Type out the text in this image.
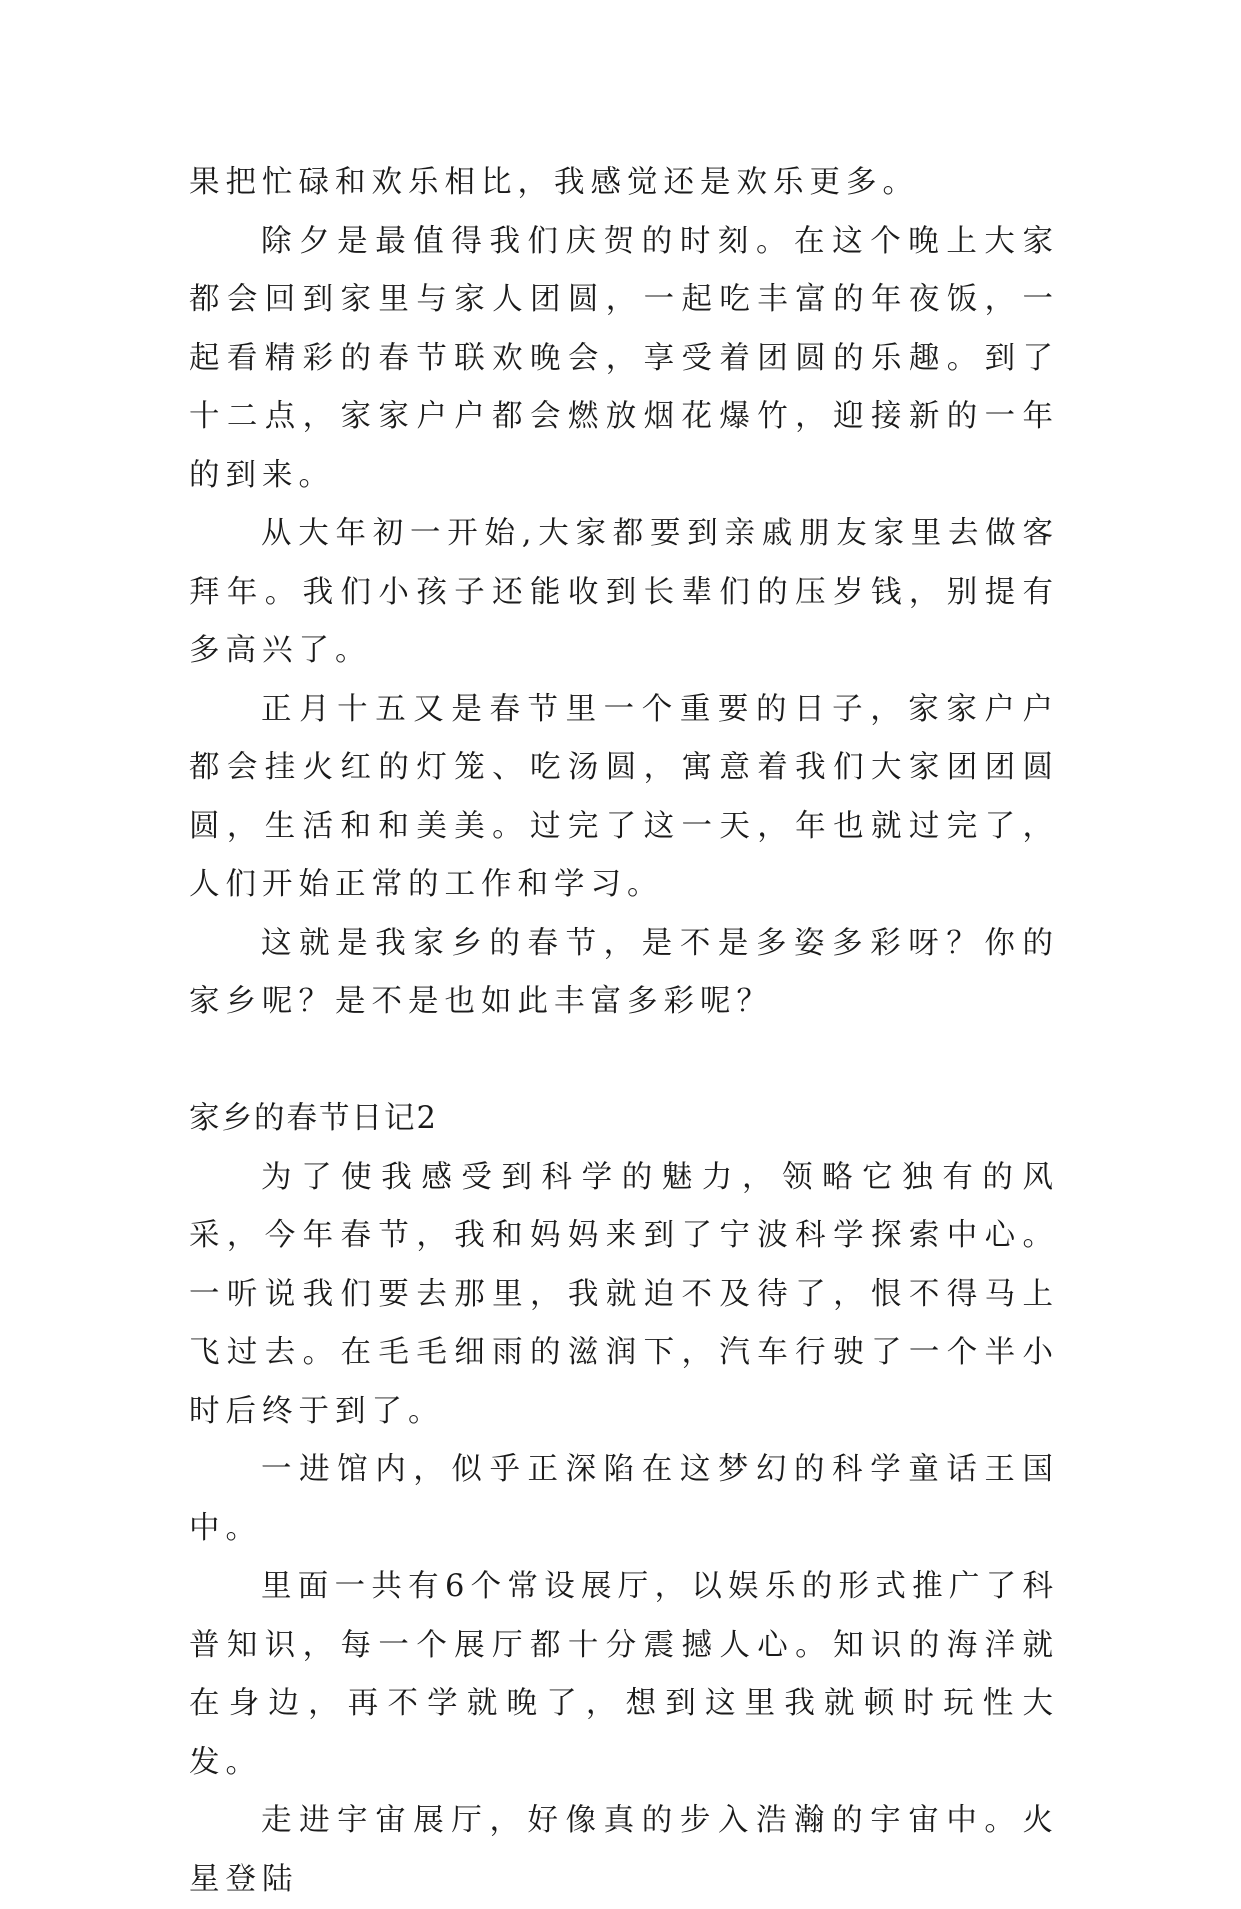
果把忙碌和欢乐相比，我感觉还是欢乐更多。

除夕是最值得我们庆贺的时刻。在这个晚上大家都会回到家里与家人团圆，一起吃丰富的年夜饭，一起看精彩的春节联欢晚会，享受着团圆的乐趣。到了十二点，家家户户都会燃放烟花爆竹，迎接新的一年的到来。

从大年初一开始,大家都要到亲戚朋友家里去做客拜年。我们小孩子还能收到长辈们的压岁钱，别提有多高兴了。

正月十五又是春节里一个重要的日子，家家户户都会挂火红的灯笼、吃汤圆，寓意着我们大家团团圆圆，生活和和美美。过完了这一天，年也就过完了，人们开始正常的工作和学习。

这就是我家乡的春节，是不是多姿多彩呀？你的家乡呢？是不是也如此丰富多彩呢？

家乡的春节日记2

为了使我感受到科学的魅力，领略它独有的风采，今年春节，我和妈妈来到了宁波科学探索中心。一听说我们要去那里，我就迫不及待了，恨不得马上飞过去。在毛毛细雨的滋润下，汽车行驶了一个半小时后终于到了。

一进馆内，似乎正深陷在这梦幻的科学童话王国中。

里面一共有6个常设展厅，以娱乐的形式推广了科普知识，每一个展厅都十分震撼人心。知识的海洋就在身边，再不学就晚了，想到这里我就顿时玩性大发。

走进宇宙展厅，好像真的步入浩瀚的宇宙中。火星登陆
